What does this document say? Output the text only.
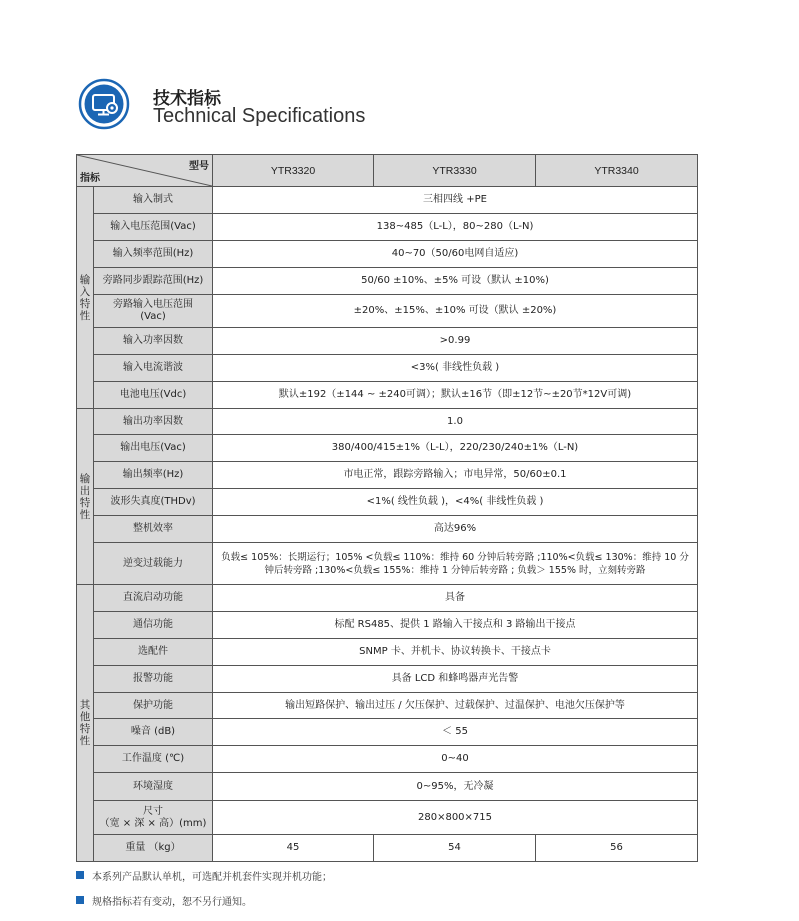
技术指标
Technical Specifications
型号
指标		YTR3320	YTR3330	YTR3340

输入特性	输入制式	三相四线 +PE		
	输入电压范围(Vac)	138~485（L-L），80~280（L-N)		
	输入频率范围(Hz)	40~70（50/60电网自适应)		
	旁路同步跟踪范围(Hz)	50/60 ±10%、±5% 可设（默认 ±10%)		
	旁路输入电压范围
(Vac)	±20%、±15%、±10% 可设（默认 ±20%)		
	输入功率因数	>0.99		
	输入电流谐波	<3%( 非线性负载 )		
	电池电压(Vdc)	默认±192（±144 ~ ±240可调）；默认±16节（即±12节~±20节*12V可调)		

输出特性	输出功率因数	1.0		
	输出电压(Vac)	380/400/415±1%（L-L），220/230/240±1%（L-N)		
	输出频率(Hz)	市电正常，跟踪旁路输入；市电异常，50/60±0.1		
	波形失真度(THDv)	<1%( 线性负载 )，<4%( 非线性负载 )		
	整机效率	高达96%		
	逆变过载能力	负载≤ 105%：长期运行；105% <负载≤ 110%：维持 60 分钟后转旁路 ;110%<负载≤ 130%：维持 10 分钟后转旁路 ;130%<负载≤ 155%：维持 1 分钟后转旁路 ; 负载＞ 155% 时，立刻转旁路		

其他特性	直流启动功能	具备		
	通信功能	标配 RS485、提供 1 路输入干接点和 3 路输出干接点		
	选配件	SNMP 卡、并机卡、协议转换卡、干接点卡		
	报警功能	具备 LCD 和蜂鸣器声光告警		
	保护功能	输出短路保护、输出过压 / 欠压保护、过载保护、过温保护、电池欠压保护等		
	噪音 (dB)	＜ 55		
	工作温度 (℃)	0~40		
	环境湿度	0~95%，无冷凝		
	尺寸
（宽 × 深 × 高）(mm)	280×800×715		
	重量 （kg）	45	54	56
本系列产品默认单机，可选配并机套件实现并机功能；
规格指标若有变动，恕不另行通知。
